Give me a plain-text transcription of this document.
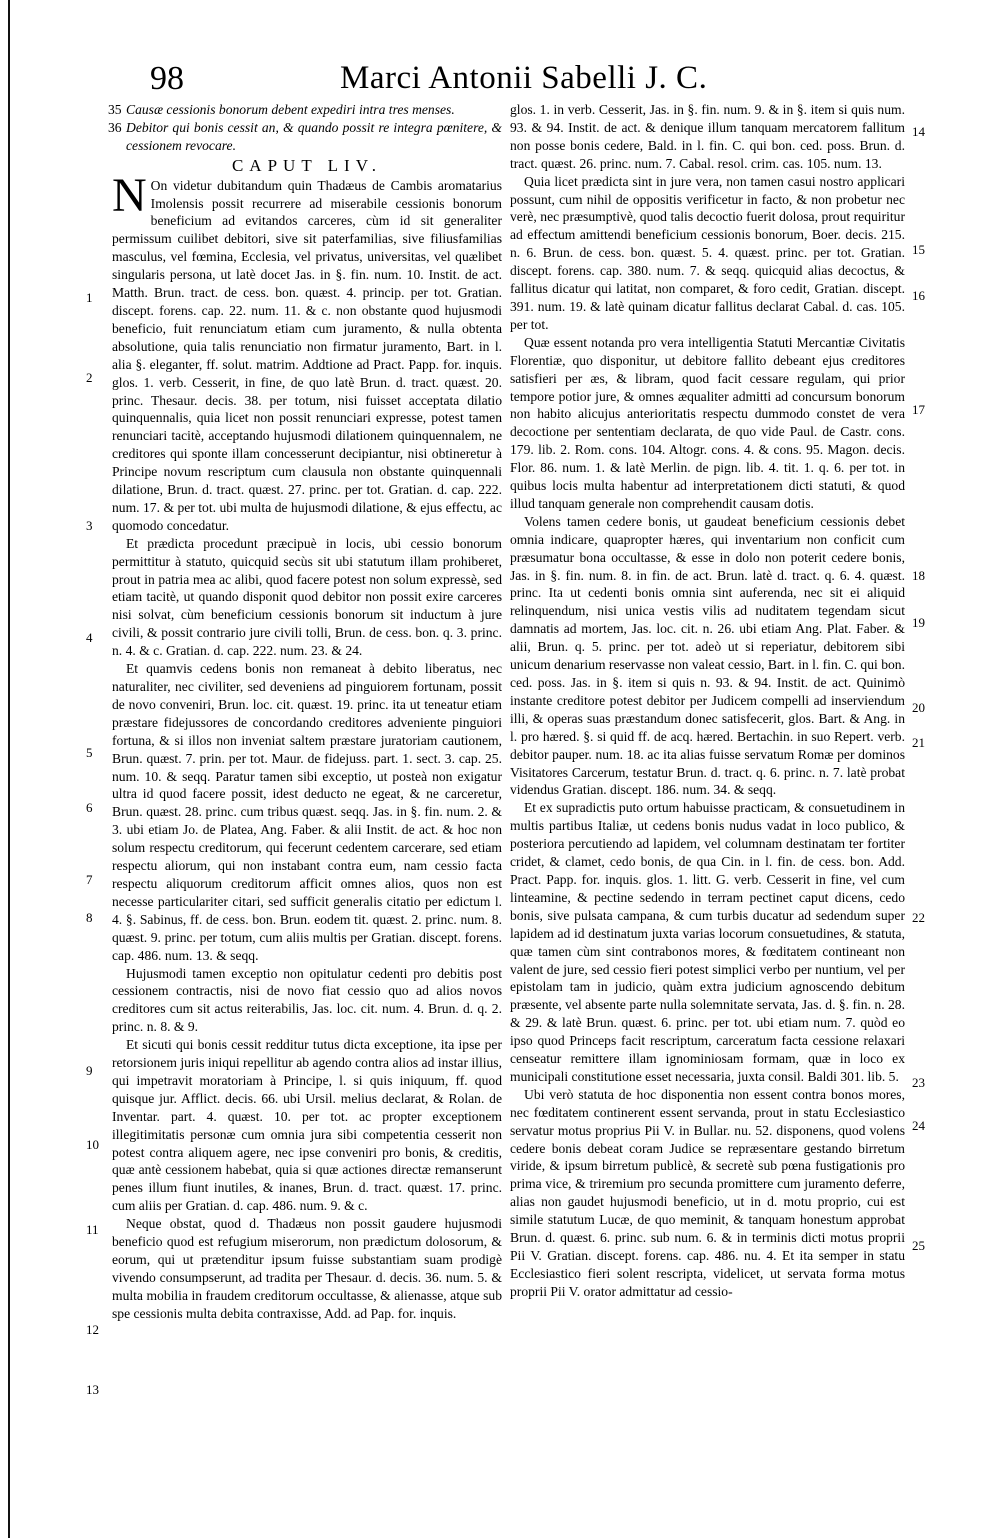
98	Marci Antonii Sabelli J. C.
35 Causæ cessionis bonorum debent expediri intra tres menses.
36 Debitor qui bonis cessit an, & quando possit re integra pœnitere, & cessionem revocare.
CAPUT LIV.

N On videtur dubitandum quin Thadæus de Cambis aromatarius Imolensis possit recurrere ad miserabile cessionis bonorum beneficium ad evitandos carceres, cùm id sit generaliter permissum cuilibet debitori, sive sit paterfamilias, sive filiusfamilias masculus, vel fœmina, Ecclesia, vel privatus, universitas, vel quælibet singularis persona, ut latè docet Jas. in §. fin. num. 10. Instit. de act. Matth. Brun. tract. de cess. bon. quæst. 4. princip. per tot. Gratian. discept. forens. cap. 22. num. 11. & c. non obstante quod hujusmodi beneficio, fuit renunciatum etiam cum juramento, & nulla obtenta absolutione, quia talis renunciatio non firmatur juramento, Bart. in l. alia §. eleganter, ff. solut. matrim. Addtione ad Pract. Papp. for. inquis. glos. 1. verb. Cesserit, in fine, de quo latè Brun. d. tract. quæst. 20. princ. Thesaur. decis. 38. per totum, nisi fuisset acceptata dilatio quinquennalis, quia licet non possit renunciari expresse, potest tamen renunciari tacitè, acceptando hujusmodi dilationem quinquennalem, ne creditores qui sponte illam concesserunt decipiantur, nisi obtineretur à Principe novum rescriptum cum clausula non obstante quinquennali dilatione, Brun. d. tract. quæst. 27. princ. per tot. Gratian. d. cap. 222. num. 17. & per tot. ubi multa de hujusmodi dilatione, & ejus effectu, ac quomodo concedatur.

Et prædicta procedunt præcipuè in locis, ubi cessio bonorum permittitur à statuto, quicquid secùs sit ubi statutum illam prohiberet, prout in patria mea ac alibi, quod facere potest non solum expressè, sed etiam tacitè, ut quando disponit quod debitor non possit exire carceres nisi solvat, cùm beneficium cessionis bonorum sit inductum à jure civili, & possit contrario jure civili tolli, Brun. de cess. bon. q. 3. princ. n. 4. & c. Gratian. d. cap. 222. num. 23. & 24.

Et quamvis cedens bonis non remaneat à debito liberatus, nec naturaliter, nec civiliter, sed deveniens ad pinguiorem fortunam, possit de novo conveniri, Brun. loc. cit. quæst. 19. princ. ita ut teneatur etiam præstare fidejussores de concordando creditores adveniente pinguiori fortuna, & si illos non inveniat saltem præstare juratoriam cautionem, Brun. quæst. 7. prin. per tot. Maur. de fidejuss. part. 1. sect. 3. cap. 25. num. 10. & seqq. Paratur tamen sibi exceptio, ut posteà non exigatur ultra id quod facere possit, idest deducto ne egeat, & ne carceretur, Brun. quæst. 28. princ. cum tribus quæst. seqq. Jas. in §. fin. num. 2. & 3. ubi etiam Jo. de Platea, Ang. Faber. & alii Instit. de act. & hoc non solum respectu creditorum, qui fecerunt cedentem carcerare, sed etiam respectu aliorum, qui non instabant contra eum, nam cessio facta respectu aliquorum creditorum afficit omnes alios, quos non est necesse particulariter citari, sed sufficit generalis citatio per edictum l. 4. §. Sabinus, ff. de cess. bon. Brun. eodem tit. quæst. 2. princ. num. 8. quæst. 9. princ. per totum, cum aliis multis per Gratian. discept. forens. cap. 486. num. 13. & seqq.

Hujusmodi tamen exceptio non opitulatur cedenti pro debitis post cessionem contractis, nisi de novo fiat cessio quo ad alios novos creditores cum sit actus reiterabilis, Jas. loc. cit. num. 4. Brun. d. q. 2. princ. n. 8. & 9.

Et sicuti qui bonis cessit redditur tutus dicta exceptione, ita ipse per retorsionem juris iniqui repellitur ab agendo contra alios ad instar illius, qui impetravit moratoriam à Principe, l. si quis iniquum, ff. quod quisque jur. Afflict. decis. 66. ubi Ursil. melius declarat, & Rolan. de Inventar. part. 4. quæst. 10. per tot. ac propter exceptionem illegitimitatis personæ cum omnia jura sibi competentia cesserit non potest contra aliquem agere, nec ipse conveniri pro bonis, & creditis, quæ antè cessionem habebat, quia si quæ actiones directæ remanserunt penes illum fiunt inutiles, & inanes, Brun. d. tract. quæst. 17. princ. cum aliis per Gratian. d. cap. 486. num. 9. & c.

Neque obstat, quod d. Thadæus non possit gaudere hujusmodi beneficio quod est refugium miserorum, non prædictum dolosorum, & eorum, qui ut prætenditur ipsum fuisse substantiam suam prodigè vivendo consumpserunt, ad tradita per Thesaur. d. decis. 36. num. 5. & multa mobilia in fraudem creditorum occultasse, & alienasse, atque sub spe cessionis multa debita contraxisse, Add. ad Pap. for. inquis.

glos. 1. in verb. Cesserit, Jas. in §. fin. num. 9. & in §. item si quis num. 93. & 94. Instit. de act. & denique illum tanquam mercatorem fallitum non posse bonis cedere, Bald. in l. fin. C. qui bon. ced. poss. Brun. d. tract. quæst. 26. princ. num. 7. Cabal. resol. crim. cas. 105. num. 13.

Quia licet prædicta sint in jure vera, non tamen casui nostro applicari possunt, cum nihil de oppositis verificetur in facto, & non probetur nec verè, nec præsumptivè, quod talis decoctio fuerit dolosa, prout requiritur ad effectum amittendi beneficium cessionis bonorum, Boer. decis. 215. n. 6. Brun. de cess. bon. quæst. 5. 4. quæst. princ. per tot. Gratian. discept. forens. cap. 380. num. 7. & seqq. quicquid alias decoctus, & fallitus dicatur qui latitat, non comparet, & foro cedit, Gratian. discept. 391. num. 19. & latè quinam dicatur fallitus declarat Cabal. d. cas. 105. per tot.

Quæ essent notanda pro vera intelligentia Statuti Mercantiæ Civitatis Florentiæ, quo disponitur, ut debitore fallito debeant ejus creditores satisfieri per æs, & libram, quod facit cessare regulam, qui prior tempore potior jure, & omnes æqualiter admitti ad concursum bonorum non habito alicujus anterioritatis respectu dummodo constet de vera decoctione per sententiam declarata, de quo vide Paul. de Castr. cons. 179. lib. 2. Rom. cons. 104. Altogr. cons. 4. & cons. 95. Magon. decis. Flor. 86. num. 1. & latè Merlin. de pign. lib. 4. tit. 1. q. 6. per tot. in quibus locis multa habentur ad interpretationem dicti statuti, & quod illud tanquam generale non comprehendit causam dotis.

Volens tamen cedere bonis, ut gaudeat beneficium cessionis debet omnia indicare, quapropter hæres, qui inventarium non conficit cum præsumatur bona occultasse, & esse in dolo non poterit cedere bonis, Jas. in §. fin. num. 8. in fin. de act. Brun. latè d. tract. q. 6. 4. quæst. princ. Ita ut cedenti bonis omnia sint auferenda, nec sit ei aliquid relinquendum, nisi unica vestis vilis ad nuditatem tegendam sicut damnatis ad mortem, Jas. loc. cit. n. 26. ubi etiam Ang. Plat. Faber. & alii, Brun. q. 5. princ. per tot. adeò ut si reperiatur, debitorem sibi unicum denarium reservasse non valeat cessio, Bart. in l. fin. C. qui bon. ced. poss. Jas. in §. item si quis n. 93. & 94. Instit. de act. Quinimò instante creditore potest debitor per Judicem compelli ad inserviendum illi, & operas suas præstandum donec satisfecerit, glos. Bart. & Ang. in l. pro hæred. §. si quid ff. de acq. hæred. Bertachin. in suo Repert. verb. debitor pauper. num. 18. ac ita alias fuisse servatum Romæ per dominos Visitatores Carcerum, testatur Brun. d. tract. q. 6. princ. n. 7. latè probat videndus Gratian. discept. 186. num. 34. & seqq.

Et ex supradictis puto ortum habuisse practicam, & consuetudinem in multis partibus Italiæ, ut cedens bonis nudus vadat in loco publico, & posteriora percutiendo ad lapidem, vel columnam destinatam ter fortiter cridet, & clamet, cedo bonis, de qua Cin. in l. fin. de cess. bon. Add. Pract. Papp. for. inquis. glos. 1. litt. G. verb. Cesserit in fine, vel cum linteamine, & pectine sedendo in terram pectinet caput dicens, cedo bonis, sive pulsata campana, & cum turbis ducatur ad sedendum super lapidem ad id destinatum juxta varias locorum consuetudines, & statuta, quæ tamen cùm sint contrabonos mores, & fœditatem contineant non valent de jure, sed cessio fieri potest simplici verbo per nuntium, vel per epistolam tam in judicio, quàm extra judicium agnoscendo debitum præsente, vel absente parte nulla solemnitate servata, Jas. d. §. fin. n. 28. & 29. & latè Brun. quæst. 6. princ. per tot. ubi etiam num. 7. quòd eo ipso quod Princeps facit rescriptum, carceratum facta cessione relaxari censeatur remittere illam ignominiosam formam, quæ in loco ex municipali constitutione esset necessaria, juxta consil. Baldi 301. lib. 5.

Ubi verò statuta de hoc disponentia non essent contra bonos mores, nec fœditatem continerent essent servanda, prout in statu Ecclesiastico servatur motus proprius Pii V. in Bullar. nu. 52. disponens, quod volens cedere bonis debeat coram Judice se repræsentare gestando birretum viride, & ipsum birretum publicè, & secretè sub pœna fustigationis pro prima vice, & triremium pro secunda promittere cum juramento deferre, alias non gaudet hujusmodi beneficio, ut in d. motu proprio, cui est simile statutum Lucæ, de quo meminit, & tanquam honestum approbat Brun. d. quæst. 6. princ. sub num. 6. & in terminis dicti motus proprii Pii V. Gratian. discept. forens. cap. 486. nu. 4. Et ita semper in statu Ecclesiastico fieri solent rescripta, videlicet, ut servata forma motus proprii Pii V. orator admittatur ad cessio-

1
2
3
4
5
6
7
8
9
10
11
12
13
14
15
16
17
18
19
20
21
22
23
24
25
